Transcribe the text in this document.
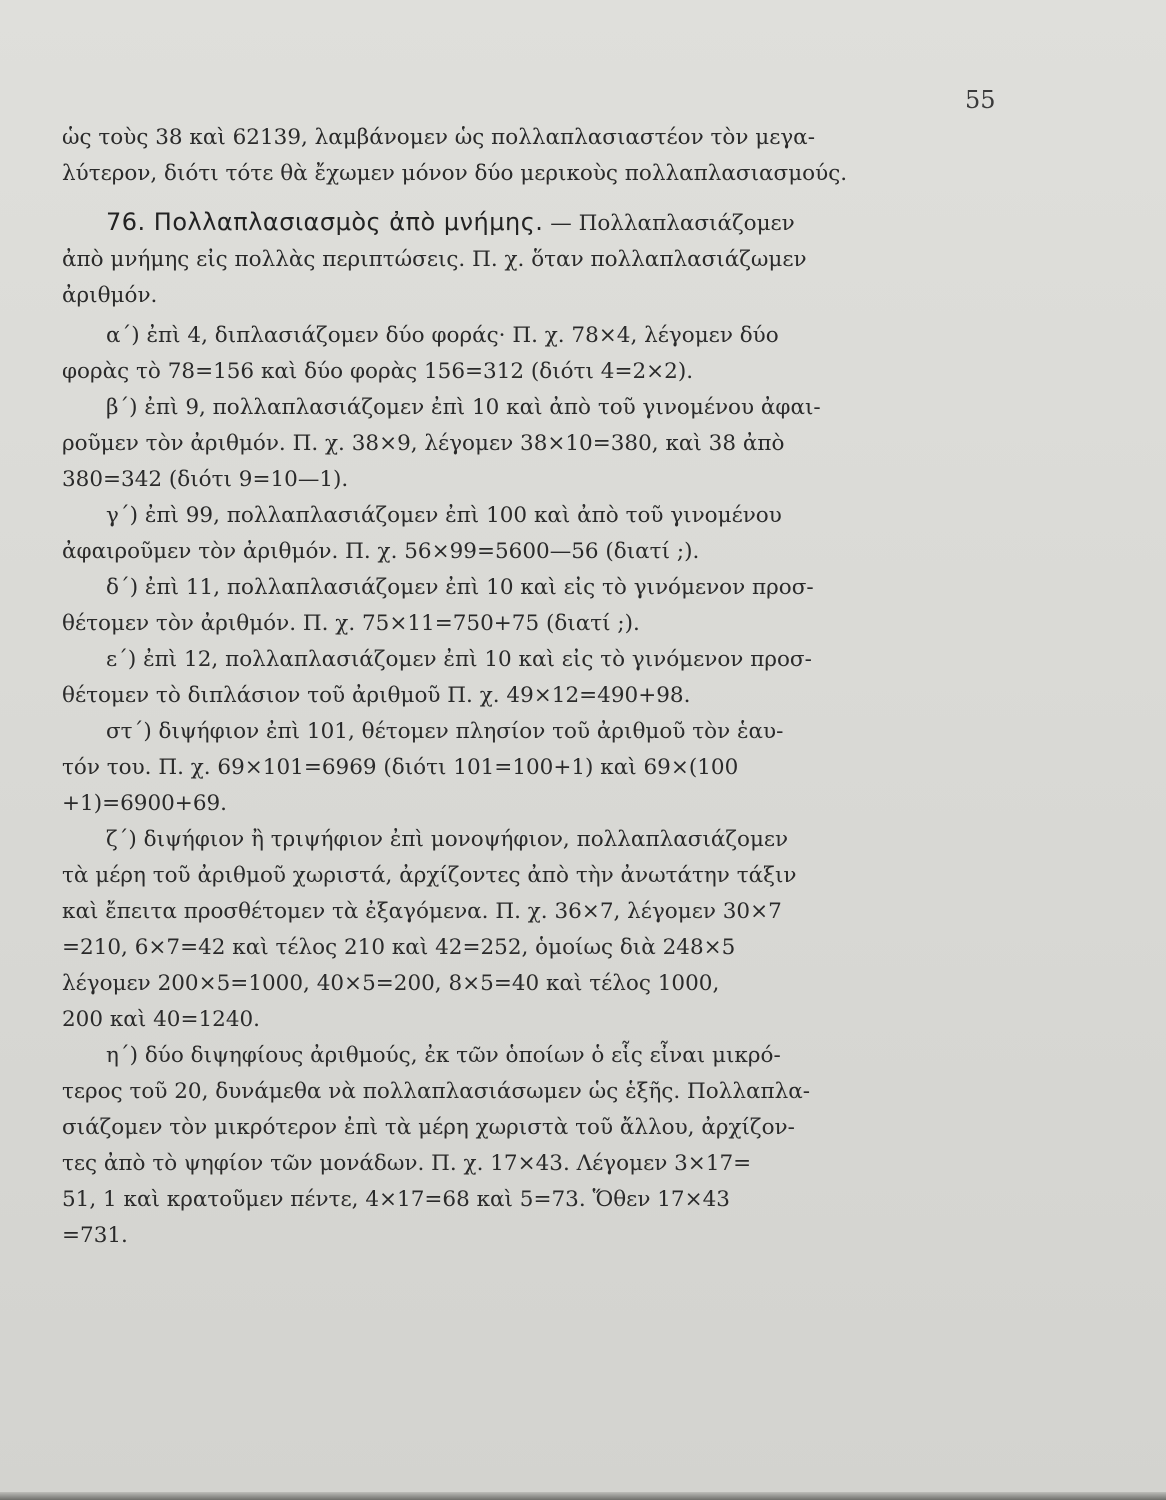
55
ὡς τοὺς 38 καὶ 62139, λαμβάνομεν ὡς πολλαπλασιαστέον τὸν μεγα-
λύτερον, διότι τότε θὰ ἔχωμεν μόνον δύο μερικοὺς πολλαπλασιασμούς.
76. Πολλαπλασιασμὸς ἀπὸ μνήμης. — Πολλαπλασιάζομεν
ἀπὸ μνήμης εἰς πολλὰς περιπτώσεις. Π. χ. ὅταν πολλαπλασιάζωμεν
ἀριθμόν.
α΄) ἐπὶ 4, διπλασιάζομεν δύο φοράς· Π. χ. 78×4, λέγομεν δύο
φορὰς τὸ 78=156 καὶ δύο φορὰς 156=312 (διότι 4=2×2).
β΄) ἐπὶ 9, πολλαπλασιάζομεν ἐπὶ 10 καὶ ἀπὸ τοῦ γινομένου ἀφαι-
ροῦμεν τὸν ἀριθμόν. Π. χ. 38×9, λέγομεν 38×10=380, καὶ 38 ἀπὸ
380=342 (διότι 9=10—1).
γ΄) ἐπὶ 99, πολλαπλασιάζομεν ἐπὶ 100 καὶ ἀπὸ τοῦ γινομένου
ἀφαιροῦμεν τὸν ἀριθμόν. Π. χ. 56×99=5600—56 (διατί ;).
δ΄) ἐπὶ 11, πολλαπλασιάζομεν ἐπὶ 10 καὶ εἰς τὸ γινόμενον προσ-
θέτομεν τὸν ἀριθμόν. Π. χ. 75×11=750+75 (διατί ;).
ε΄) ἐπὶ 12, πολλαπλασιάζομεν ἐπὶ 10 καὶ εἰς τὸ γινόμενον προσ-
θέτομεν τὸ διπλάσιον τοῦ ἀριθμοῦ Π. χ. 49×12=490+98.
στ΄) διψήφιον ἐπὶ 101, θέτομεν πλησίον τοῦ ἀριθμοῦ τὸν ἑαυ-
τόν του. Π. χ. 69×101=6969 (διότι 101=100+1) καὶ 69×(100
+1)=6900+69.
ζ΄) διψήφιον ἢ τριψήφιον ἐπὶ μονοψήφιον, πολλαπλασιάζομεν
τὰ μέρη τοῦ ἀριθμοῦ χωριστά, ἀρχίζοντες ἀπὸ τὴν ἀνωτάτην τάξιν
καὶ ἔπειτα προσθέτομεν τὰ ἐξαγόμενα. Π. χ. 36×7, λέγομεν 30×7
=210, 6×7=42 καὶ τέλος 210 καὶ 42=252, ὁμοίως διὰ 248×5
λέγομεν 200×5=1000, 40×5=200, 8×5=40 καὶ τέλος 1000,
200 καὶ 40=1240.
η΄) δύο διψηφίους ἀριθμούς, ἐκ τῶν ὁποίων ὁ εἷς εἶναι μικρό-
τερος τοῦ 20, δυνάμεθα νὰ πολλαπλασιάσωμεν ὡς ἑξῆς. Πολλαπλα-
σιάζομεν τὸν μικρότερον ἐπὶ τὰ μέρη χωριστὰ τοῦ ἄλλου, ἀρχίζον-
τες ἀπὸ τὸ ψηφίον τῶν μονάδων. Π. χ. 17×43. Λέγομεν 3×17=
51, 1 καὶ κρατοῦμεν πέντε, 4×17=68 καὶ 5=73. Ὅθεν 17×43
=731.
